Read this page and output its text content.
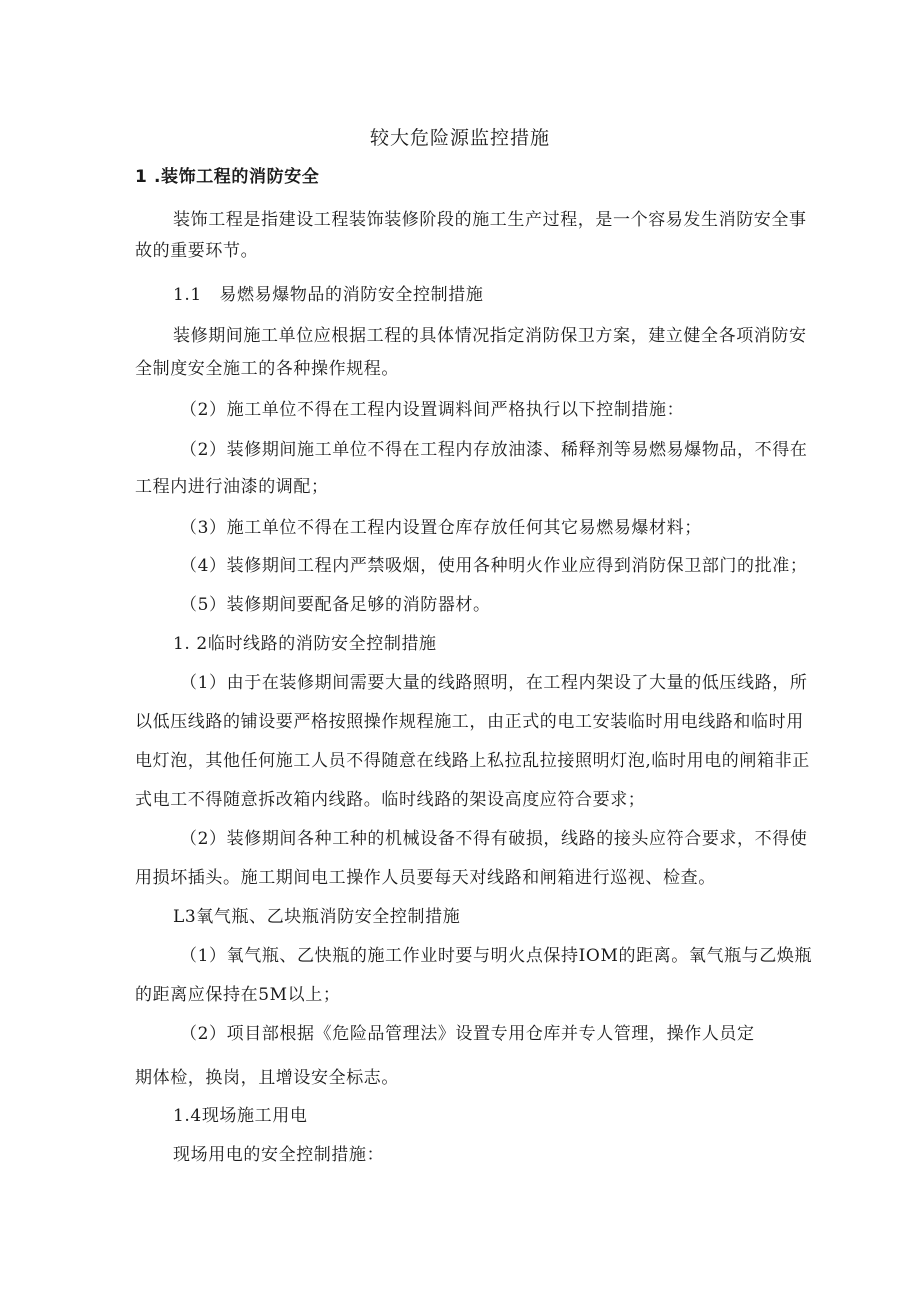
较大危险源监控措施
1 .装饰工程的消防安全
装饰工程是指建设工程装饰装修阶段的施工生产过程，是一个容易发生消防安全事
故的重要环节。
1.1　易燃易爆物品的消防安全控制措施
装修期间施工单位应根据工程的具体情况指定消防保卫方案，建立健全各项消防安
全制度安全施工的各种操作规程。
（2）施工单位不得在工程内设置调料间严格执行以下控制措施：
（2）装修期间施工单位不得在工程内存放油漆、稀释剂等易燃易爆物品，不得在
工程内进行油漆的调配；
（3）施工单位不得在工程内设置仓库存放任何其它易燃易爆材料；
（4）装修期间工程内严禁吸烟，使用各种明火作业应得到消防保卫部门的批准；
（5）装修期间要配备足够的消防器材。
1. 2临时线路的消防安全控制措施
（1）由于在装修期间需要大量的线路照明，在工程内架设了大量的低压线路，所
以低压线路的铺设要严格按照操作规程施工，由正式的电工安装临时用电线路和临时用
电灯泡，其他任何施工人员不得随意在线路上私拉乱拉接照明灯泡,临时用电的闸箱非正
式电工不得随意拆改箱内线路。临时线路的架设高度应符合要求；
（2）装修期间各种工种的机械设备不得有破损，线路的接头应符合要求，不得使
用损坏插头。施工期间电工操作人员要每天对线路和闸箱进行巡视、检查。
L3氧气瓶、乙块瓶消防安全控制措施
（1）氧气瓶、乙快瓶的施工作业时要与明火点保持IOM的距离。氧气瓶与乙焕瓶
的距离应保持在5M以上；
（2）项目部根据《危险品管理法》设置专用仓库并专人管理，操作人员定
期体检，换岗，且增设安全标志。
1.4现场施工用电
现场用电的安全控制措施：
